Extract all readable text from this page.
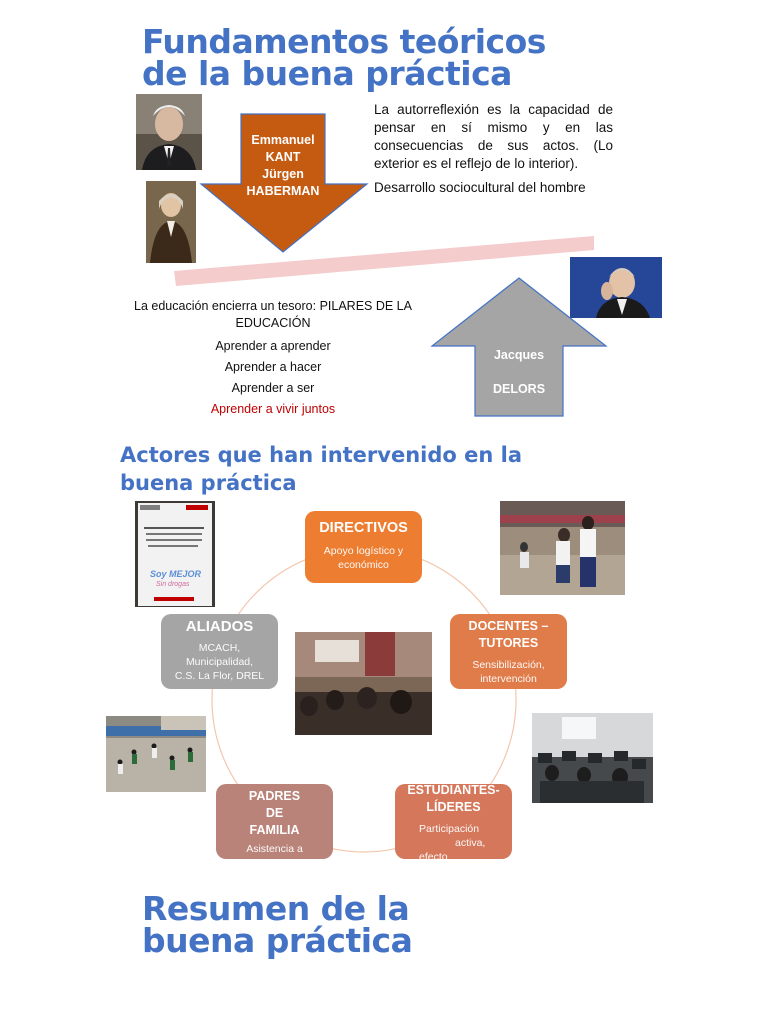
Fundamentos teóricos
de la buena práctica
Emmanuel
KANT
Jürgen
HABERMAN
La autorreflexión es la capacidad de pensar en sí mismo y en las consecuencias de sus actos. (Lo exterior es el reflejo de lo interior).
Desarrollo sociocultural del hombre
La educación encierra un tesoro: PILARES DE LA EDUCACIÓN
Aprender a aprender
Aprender a hacer
Aprender a ser
Aprender a vivir juntos
Jacques
DELORS
Actores que han intervenido en la
buena práctica
Soy MEJOR
Sin drogas
DIRECTIVOS
Apoyo logístico y
económico
DOCENTES –
TUTORES
Sensibilización,
intervención
ESTUDIANTES-
LÍDERES
Participación
activa,
efecto
PADRES
DE
FAMILIA
Asistencia a
ALIADOS
MCACH,
Municipalidad,
C.S. La Flor, DREL
Resumen de la
buena práctica
